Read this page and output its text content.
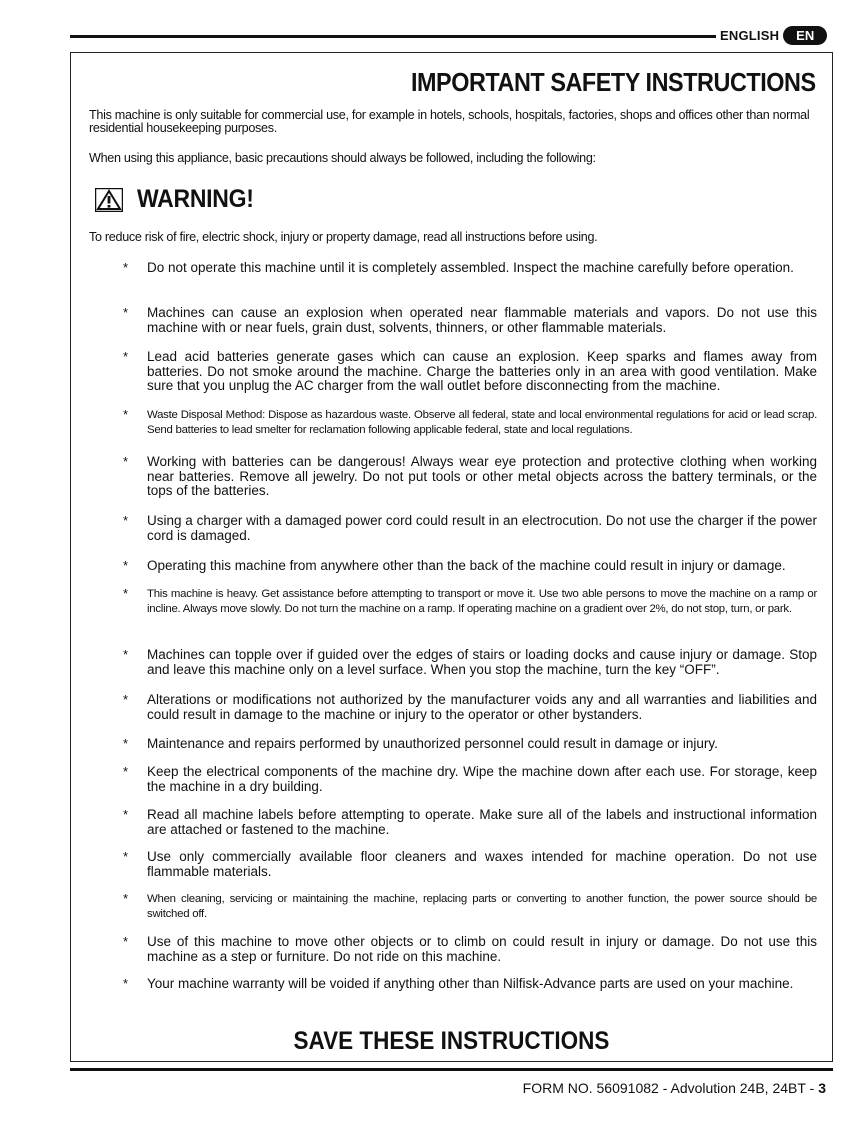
ENGLISH	EN
IMPORTANT SAFETY INSTRUCTIONS

This machine is only suitable for commercial use, for example in hotels, schools, hospitals, factories, shops and offices other than normal residential housekeeping purposes.

When using this appliance, basic precautions should always be followed, including the following:

WARNING!

To reduce risk of fire, electric shock, injury or property damage, read all instructions before using.

*	Do not operate this machine until it is completely assembled. Inspect the machine carefully before operation.
*	Machines can cause an explosion when operated near flammable materials and vapors. Do not use this machine with or near fuels, grain dust, solvents, thinners, or other flammable materials.
*	Lead acid batteries generate gases which can cause an explosion. Keep sparks and flames away from batteries. Do not smoke around the machine. Charge the batteries only in an area with good ventilation. Make sure that you unplug the AC charger from the wall outlet before disconnecting from the machine.
*	Waste Disposal Method: Dispose as hazardous waste. Observe all federal, state and local environmental regulations for acid or lead scrap. Send batteries to lead smelter for reclamation following applicable federal, state and local regulations.
*	Working with batteries can be dangerous! Always wear eye protection and protective clothing when working near batteries. Remove all jewelry. Do not put tools or other metal objects across the battery terminals, or the tops of the batteries.
*	Using a charger with a damaged power cord could result in an electrocution. Do not use the charger if the power cord is damaged.
*	Operating this machine from anywhere other than the back of the machine could result in injury or damage.
*	This machine is heavy. Get assistance before attempting to transport or move it. Use two able persons to move the machine on a ramp or incline. Always move slowly. Do not turn the machine on a ramp. If operating machine on a gradient over 2%, do not stop, turn, or park.
*	Machines can topple over if guided over the edges of stairs or loading docks and cause injury or damage. Stop and leave this machine only on a level surface. When you stop the machine, turn the key “OFF”.
*	Alterations or modifications not authorized by the manufacturer voids any and all warranties and liabilities and could result in damage to the machine or injury to the operator or other bystanders.
*	Maintenance and repairs performed by unauthorized personnel could result in damage or injury.
*	Keep the electrical components of the machine dry. Wipe the machine down after each use. For storage, keep the machine in a dry building.
*	Read all machine labels before attempting to operate. Make sure all of the labels and instructional information are attached or fastened to the machine.
*	Use only commercially available floor cleaners and waxes intended for machine operation. Do not use flammable materials.
*	When cleaning, servicing or maintaining the machine, replacing parts or converting to another function, the power source should be switched off.
*	Use of this machine to move other objects or to climb on could result in injury or damage. Do not use this machine as a step or furniture. Do not ride on this machine.
*	Your machine warranty will be voided if anything other than Nilfisk-Advance parts are used on your machine.
SAVE THESE INSTRUCTIONS
FORM NO. 56091082 - Advolution 24B, 24BT - 3
